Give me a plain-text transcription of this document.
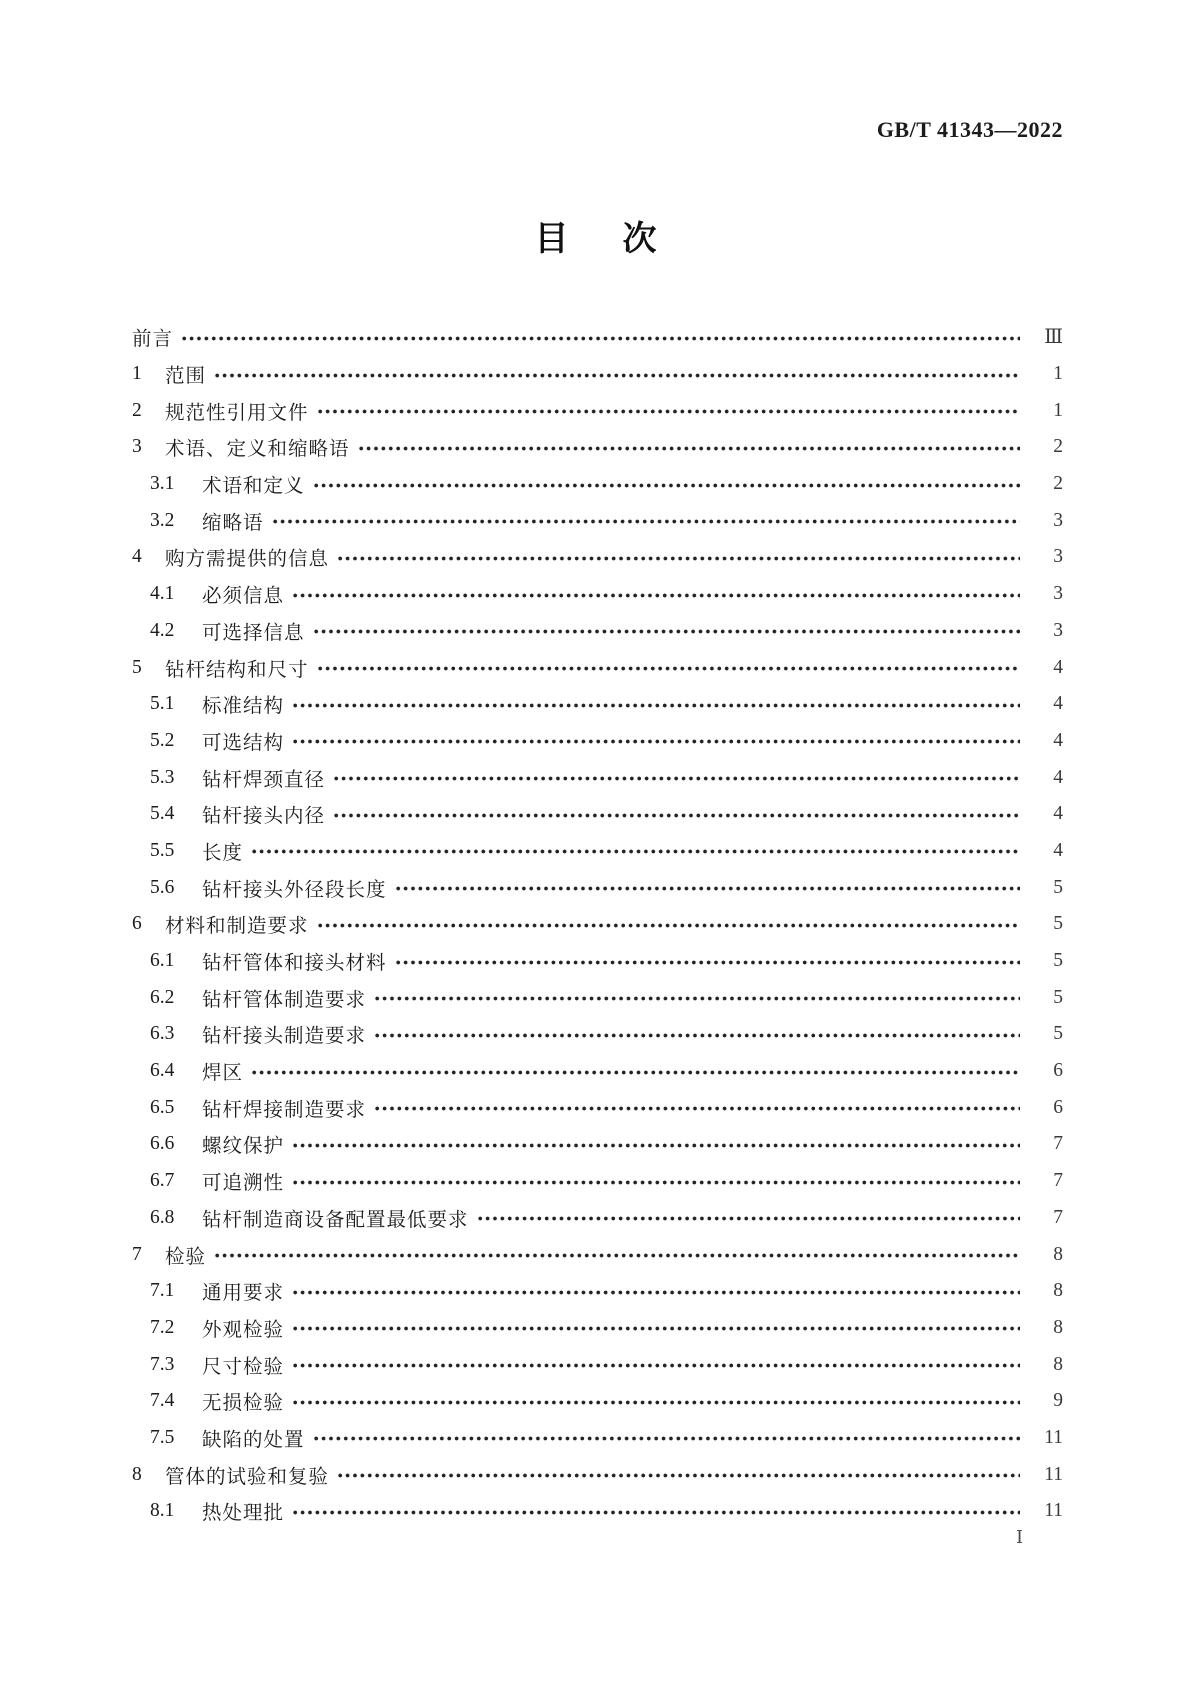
GB/T 41343—2022
目　次
前言	Ⅲ
1	范围	1
2	规范性引用文件	1
3	术语、定义和缩略语	2
3.1	术语和定义	2
3.2	缩略语	3
4	购方需提供的信息	3
4.1	必须信息	3
4.2	可选择信息	3
5	钻杆结构和尺寸	4
5.1	标准结构	4
5.2	可选结构	4
5.3	钻杆焊颈直径	4
5.4	钻杆接头内径	4
5.5	长度	4
5.6	钻杆接头外径段长度	5
6	材料和制造要求	5
6.1	钻杆管体和接头材料	5
6.2	钻杆管体制造要求	5
6.3	钻杆接头制造要求	5
6.4	焊区	6
6.5	钻杆焊接制造要求	6
6.6	螺纹保护	7
6.7	可追溯性	7
6.8	钻杆制造商设备配置最低要求	7
7	检验	8
7.1	通用要求	8
7.2	外观检验	8
7.3	尺寸检验	8
7.4	无损检验	9
7.5	缺陷的处置	11
8	管体的试验和复验	11
8.1	热处理批	11
Ⅰ
